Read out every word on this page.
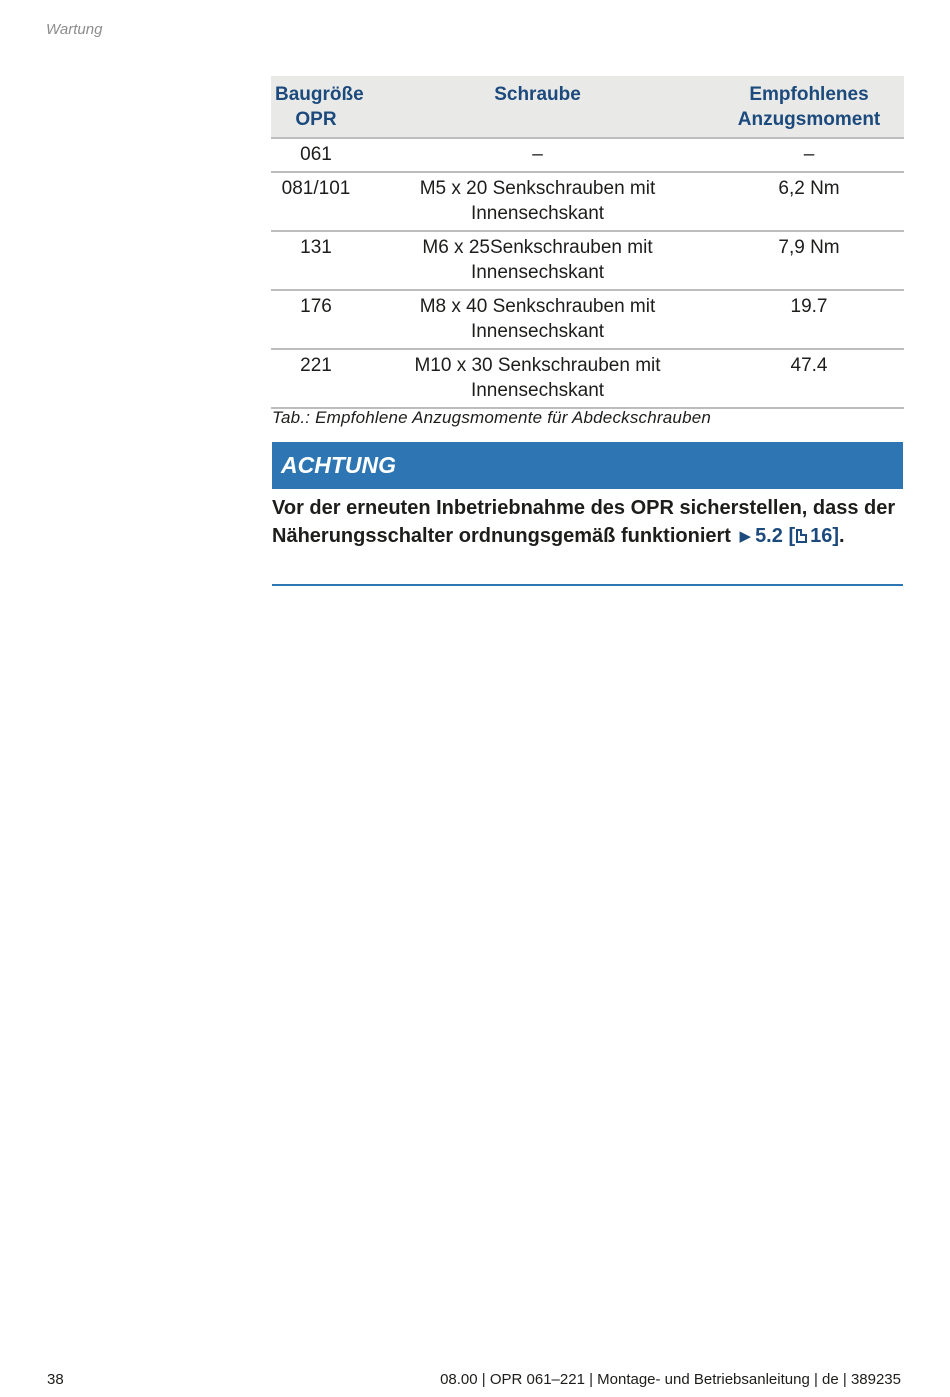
Wartung
Baugröße OPR	Schraube	Empfohlenes Anzugsmoment
061	–	–
081/101	M5 x 20 Senkschrauben mit Innensechskant	6,2 Nm
131	M6 x 25Senkschrauben mit Innensechskant	7,9 Nm
176	M8 x 40 Senkschrauben mit Innensechskant	19.7
221	M10 x 30 Senkschrauben mit Innensechskant	47.4
Tab.: Empfohlene Anzugsmomente für Abdeckschrauben
ACHTUNG
Vor der erneuten Inbetriebnahme des OPR sicherstellen, dass der Näherungsschalter ordnungsgemäß funktioniert ▶ 5.2 [ 16].
38	08.00 | OPR 061–221 | Montage- und Betriebsanleitung | de | 389235
